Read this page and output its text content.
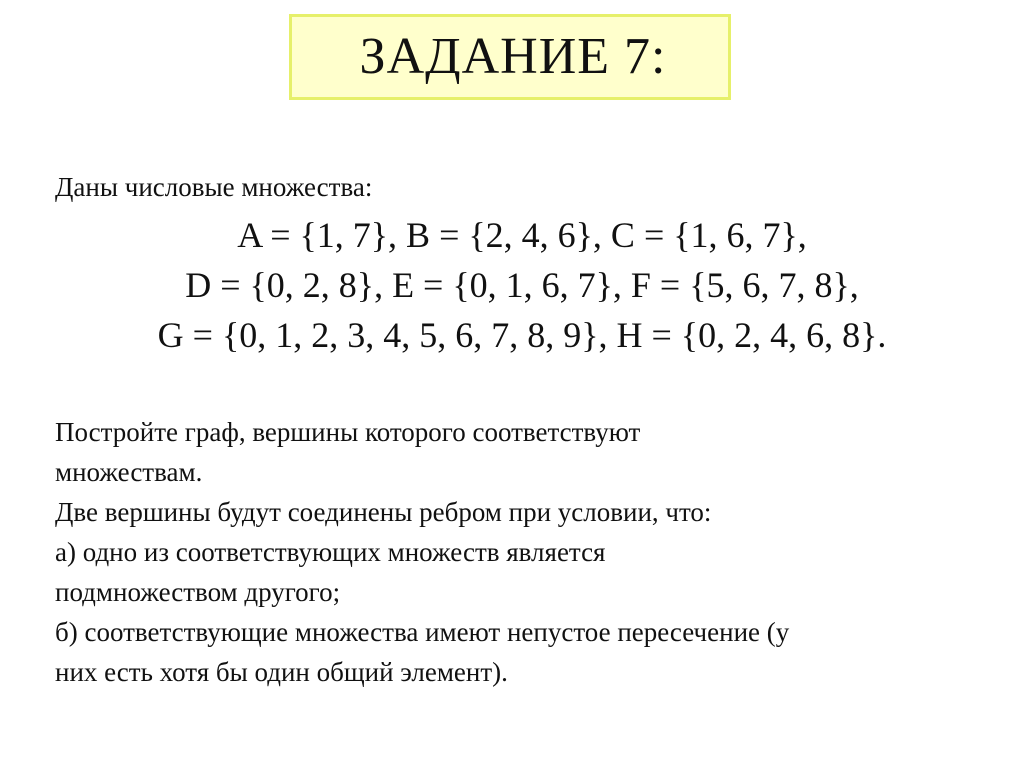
ЗАДАНИЕ 7:
Даны числовые множества:
A = {1, 7}, B = {2, 4, 6}, C = {1, 6, 7},
D = {0, 2, 8}, E = {0, 1, 6, 7}, F = {5, 6, 7, 8},
G = {0, 1, 2, 3, 4, 5, 6, 7, 8, 9}, H = {0, 2, 4, 6, 8}.
Постройте граф, вершины которого соответствуют
множествам.
Две вершины будут соединены ребром при условии, что:
а) одно из соответствующих множеств является
подмножеством другого;
б) соответствующие множества имеют непустое пересечение (у
них есть хотя бы один общий элемент).
